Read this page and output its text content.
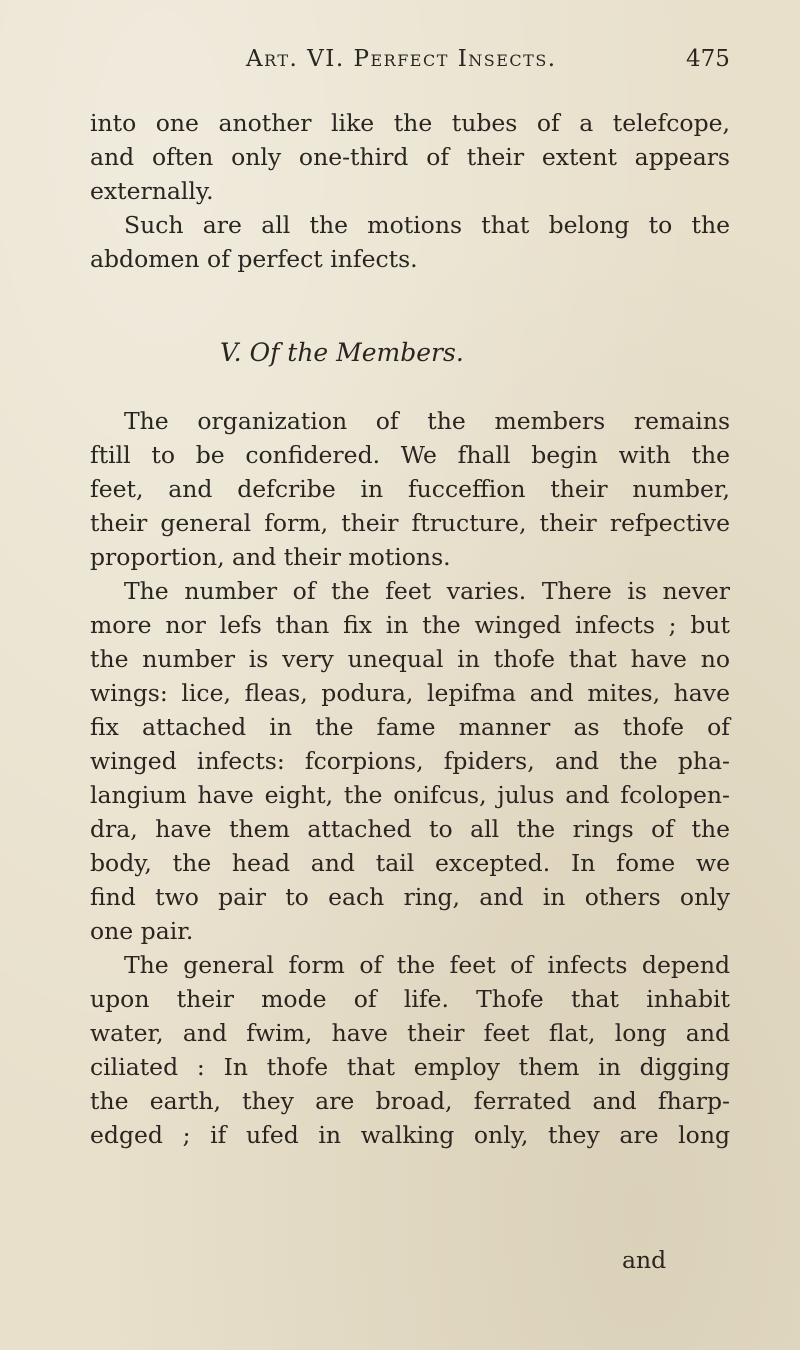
Art. VI. Perfect Insects.	475
into one another like the tubes of a telefcope,
and often only one-third of their extent appears
externally.
Such are all the motions that belong to the
abdomen of perfect infects.
V. Of the Members.
The organization of the members remains
ftill to be confidered. We fhall begin with the
feet, and defcribe in fucceffion their number,
their general form, their ftructure, their refpective
proportion, and their motions.
The number of the feet varies. There is never
more nor lefs than fix in the winged infects ; but
the number is very unequal in thofe that have no
wings: lice, fleas, podura, lepifma and mites, have
fix attached in the fame manner as thofe of
winged infects: fcorpions, fpiders, and the pha-
langium have eight, the onifcus, julus and fcolopen-
dra, have them attached to all the rings of the
body, the head and tail excepted. In fome we
find two pair to each ring, and in others only
one pair.
The general form of the feet of infects depend
upon their mode of life. Thofe that inhabit
water, and fwim, have their feet flat, long and
ciliated : In thofe that employ them in digging
the earth, they are broad, ferrated and fharp-
edged ; if ufed in walking only, they are long
and
